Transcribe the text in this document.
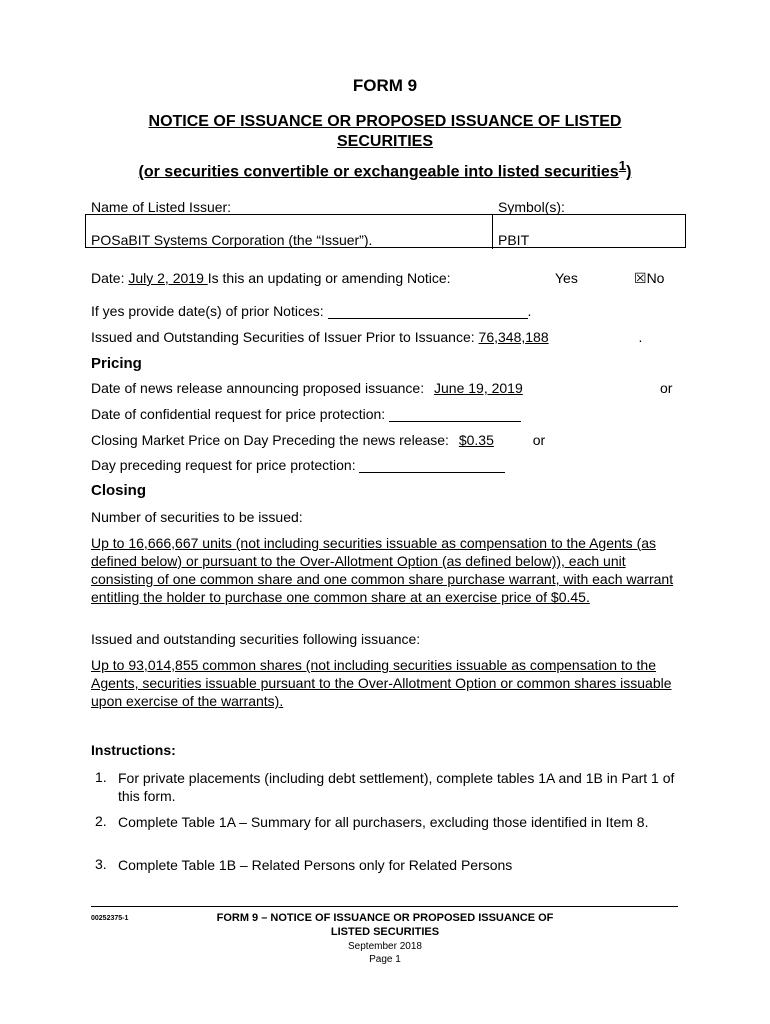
FORM 9
NOTICE OF ISSUANCE OR PROPOSED ISSUANCE OF LISTED
SECURITIES
(or securities convertible or exchangeable into listed securities$^1$)
Name of Listed Issuer:	Symbol(s):
POSaBIT Systems Corporation (the “Issuer”).	PBIT
Date: July 2, 2019 Is this an updating or amending Notice:	Yes	☒No
If yes provide date(s) of prior Notices:	.
Issued and Outstanding Securities of Issuer Prior to Issuance: 76,348,188	.
Pricing
Date of news release announcing proposed issuance: June 19, 2019	or
Date of confidential request for price protection:
Closing Market Price on Day Preceding the news release: $0.35	or
Day preceding request for price protection:
Closing
Number of securities to be issued:
Up to 16,666,667 units (not including securities issuable as compensation to the Agents (as defined below) or pursuant to the Over-Allotment Option (as defined below)), each unit consisting of one common share and one common share purchase warrant, with each warrant entitling the holder to purchase one common share at an exercise price of $0.45.
Issued and outstanding securities following issuance:
Up to 93,014,855 common shares (not including securities issuable as compensation to the Agents, securities issuable pursuant to the Over-Allotment Option or common shares issuable upon exercise of the warrants).
Instructions:
1. For private placements (including debt settlement), complete tables 1A and 1B in Part 1 of this form.
2. Complete Table 1A – Summary for all purchasers, excluding those identified in Item 8.
3. Complete Table 1B – Related Persons only for Related Persons
00252375-1	FORM 9 – NOTICE OF ISSUANCE OR PROPOSED ISSUANCE OF
LISTED SECURITIES
September 2018
Page 1
